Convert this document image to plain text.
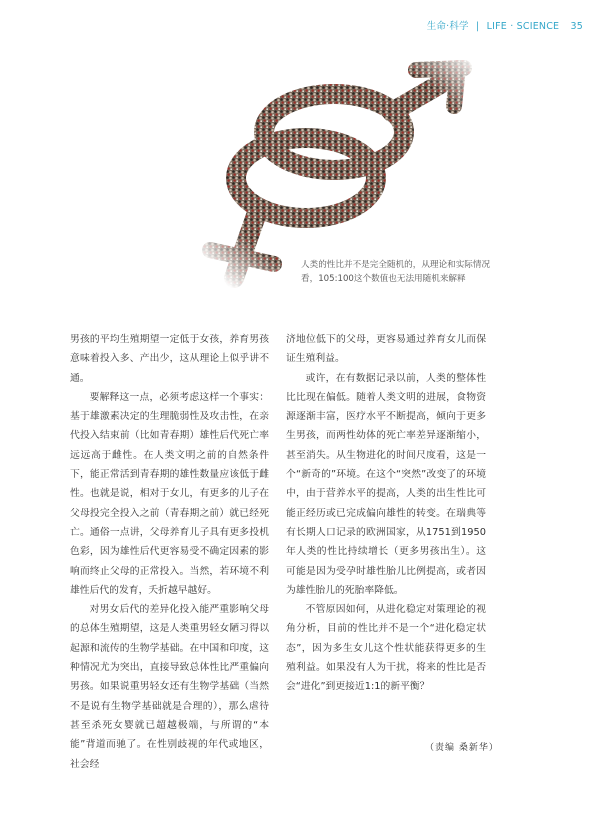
生命·科学 | LIFE · SCIENCE 35
人类的性比并不是完全随机的，从理论和实际情况看，105:100这个数值也无法用随机来解释

男孩的平均生殖期望一定低于女孩，养育男孩意味着投入多、产出少，这从理论上似乎讲不通。

要解释这一点，必须考虑这样一个事实：基于雄激素决定的生理脆弱性及攻击性，在亲代投入结束前（比如青春期）雄性后代死亡率远远高于雌性。在人类文明之前的自然条件下，能正常活到青春期的雄性数量应该低于雌性。也就是说，相对于女儿，有更多的儿子在父母投完全投入之前（青春期之前）就已经死亡。通俗一点讲，父母养育儿子具有更多投机色彩，因为雄性后代更容易受不确定因素的影响而终止父母的正常投入。当然，若环境不利雄性后代的发育，夭折越早越好。

对男女后代的差异化投入能严重影响父母的总体生殖期望，这是人类重男轻女陋习得以起源和流传的生物学基础。在中国和印度，这种情况尤为突出，直接导致总体性比严重偏向男孩。如果说重男轻女还有生物学基础（当然不是说有生物学基础就是合理的），那么虐待甚至杀死女婴就已超越极端，与所谓的“本能”背道而驰了。在性别歧视的年代或地区，社会经

济地位低下的父母，更容易通过养育女儿而保证生殖利益。

或许，在有数据记录以前，人类的整体性比比现在偏低。随着人类文明的进展，食物资源逐渐丰富，医疗水平不断提高，倾向于更多生男孩，而两性幼体的死亡率差异逐渐缩小，甚至消失。从生物进化的时间尺度看，这是一个“新奇的”环境。在这个“突然”改变了的环境中，由于营养水平的提高，人类的出生性比可能正经历或已完成偏向雄性的转变。在瑞典等有长期人口记录的欧洲国家，从1751到1950年人类的性比持续增长（更多男孩出生）。这可能是因为受孕时雄性胎儿比例提高，或者因为雄性胎儿的死胎率降低。

不管原因如何，从进化稳定对策理论的视角分析，目前的性比并不是一个“进化稳定状态”，因为多生女儿这个性状能获得更多的生殖利益。如果没有人为干扰，将来的性比是否会“进化”到更接近1:1的新平衡？

（责编 桑新华）
